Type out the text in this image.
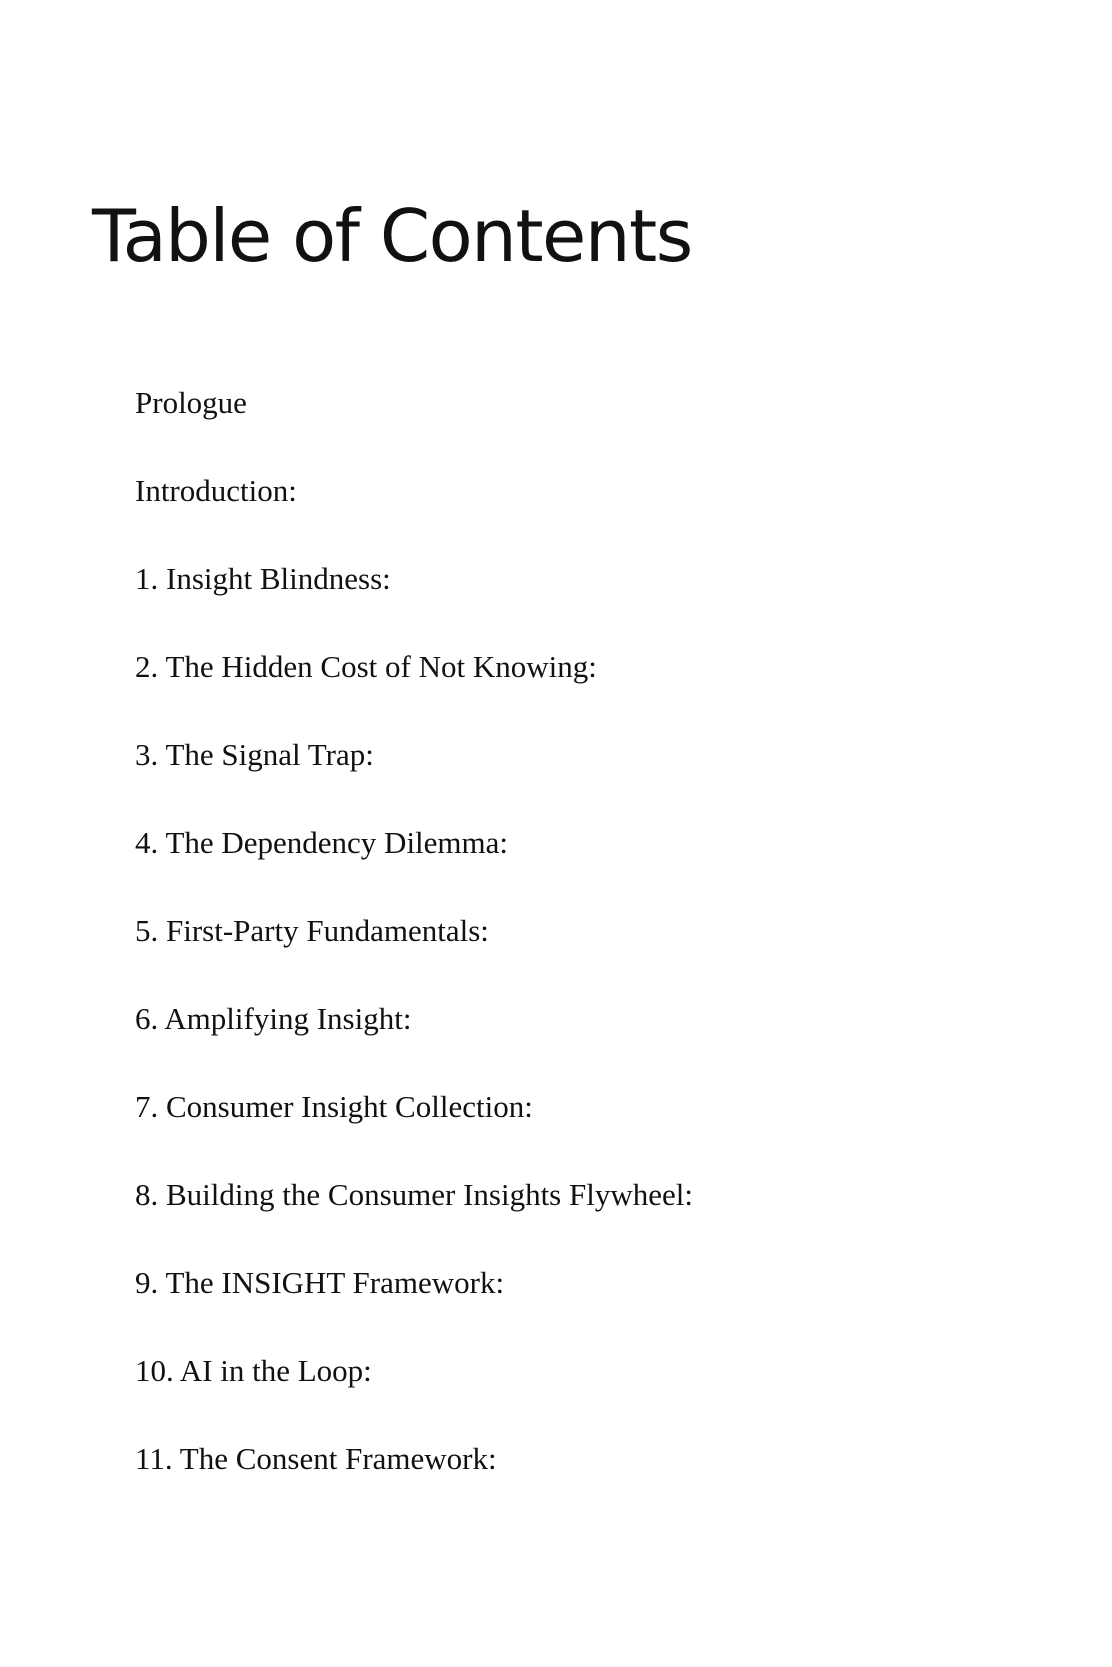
Table of Contents
Prologue
Introduction:
1. Insight Blindness:
2. The Hidden Cost of Not Knowing:
3. The Signal Trap:
4. The Dependency Dilemma:
5. First-Party Fundamentals:
6. Amplifying Insight:
7. Consumer Insight Collection:
8. Building the Consumer Insights Flywheel:
9. The INSIGHT Framework:
10. AI in the Loop:
11. The Consent Framework:
